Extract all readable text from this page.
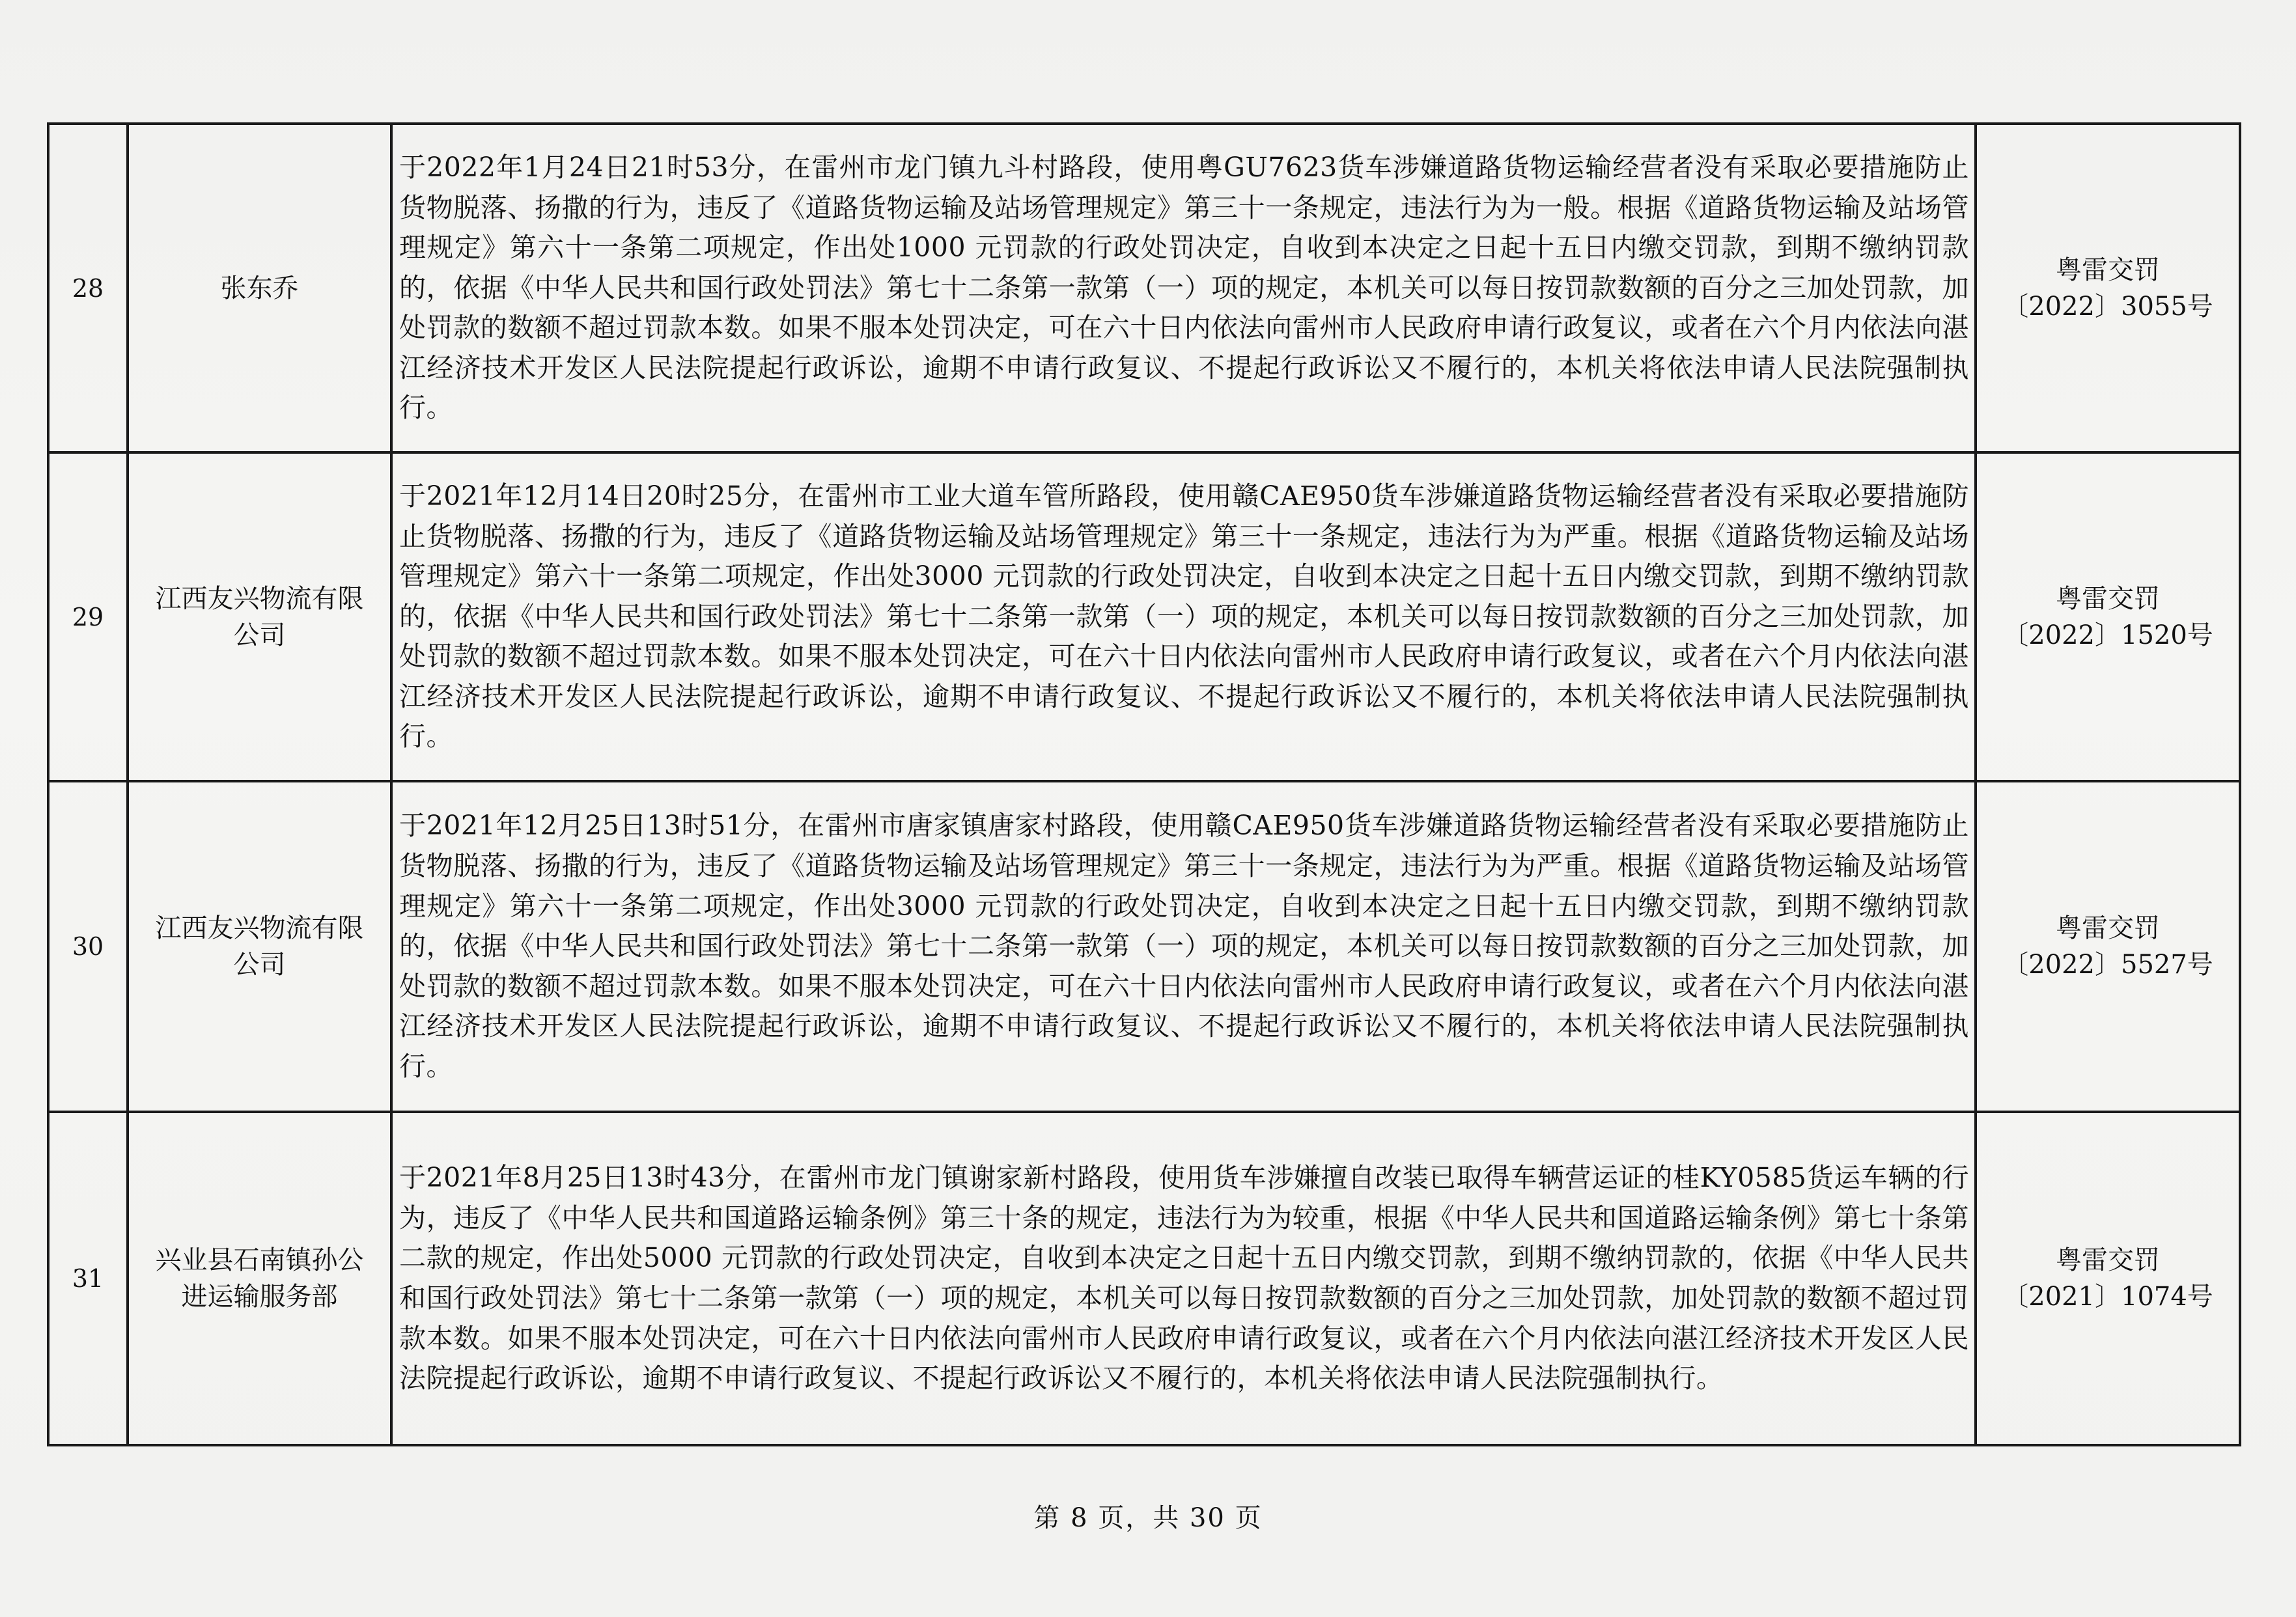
28	张东乔	于2022年1月24日21时53分，在雷州市龙门镇九斗村路段，使用粤GU7623货车涉嫌道路货物运输经营者没有采取必要措施防止货物脱落、扬撒的行为，违反了《道路货物运输及站场管理规定》第三十一条规定，违法行为为一般。根据《道路货物运输及站场管理规定》第六十一条第二项规定，作出处1000 元罚款的行政处罚决定，自收到本决定之日起十五日内缴交罚款，到期不缴纳罚款的，依据《中华人民共和国行政处罚法》第七十二条第一款第（一）项的规定，本机关可以每日按罚款数额的百分之三加处罚款，加处罚款的数额不超过罚款本数。如果不服本处罚决定，可在六十日内依法向雷州市人民政府申请行政复议，或者在六个月内依法向湛江经济技术开发区人民法院提起行政诉讼，逾期不申请行政复议、不提起行政诉讼又不履行的，本机关将依法申请人民法院强制执行。	粤雷交罚
〔2022〕3055号

29	江西友兴物流有限公司	于2021年12月14日20时25分，在雷州市工业大道车管所路段，使用赣CAE950货车涉嫌道路货物运输经营者没有采取必要措施防止货物脱落、扬撒的行为，违反了《道路货物运输及站场管理规定》第三十一条规定，违法行为为严重。根据《道路货物运输及站场管理规定》第六十一条第二项规定，作出处3000 元罚款的行政处罚决定，自收到本决定之日起十五日内缴交罚款，到期不缴纳罚款的，依据《中华人民共和国行政处罚法》第七十二条第一款第（一）项的规定，本机关可以每日按罚款数额的百分之三加处罚款，加处罚款的数额不超过罚款本数。如果不服本处罚决定，可在六十日内依法向雷州市人民政府申请行政复议，或者在六个月内依法向湛江经济技术开发区人民法院提起行政诉讼，逾期不申请行政复议、不提起行政诉讼又不履行的，本机关将依法申请人民法院强制执行。	粤雷交罚
〔2022〕1520号

30	江西友兴物流有限公司	于2021年12月25日13时51分，在雷州市唐家镇唐家村路段，使用赣CAE950货车涉嫌道路货物运输经营者没有采取必要措施防止货物脱落、扬撒的行为，违反了《道路货物运输及站场管理规定》第三十一条规定，违法行为为严重。根据《道路货物运输及站场管理规定》第六十一条第二项规定，作出处3000 元罚款的行政处罚决定，自收到本决定之日起十五日内缴交罚款，到期不缴纳罚款的，依据《中华人民共和国行政处罚法》第七十二条第一款第（一）项的规定，本机关可以每日按罚款数额的百分之三加处罚款，加处罚款的数额不超过罚款本数。如果不服本处罚决定，可在六十日内依法向雷州市人民政府申请行政复议，或者在六个月内依法向湛江经济技术开发区人民法院提起行政诉讼，逾期不申请行政复议、不提起行政诉讼又不履行的，本机关将依法申请人民法院强制执行。	粤雷交罚
〔2022〕5527号

31	兴业县石南镇孙公进运输服务部	于2021年8月25日13时43分，在雷州市龙门镇谢家新村路段，使用货车涉嫌擅自改装已取得车辆营运证的桂KY0585货运车辆的行为，违反了《中华人民共和国道路运输条例》第三十条的规定，违法行为为较重，根据《中华人民共和国道路运输条例》第七十条第二款的规定，作出处5000 元罚款的行政处罚决定，自收到本决定之日起十五日内缴交罚款，到期不缴纳罚款的，依据《中华人民共和国行政处罚法》第七十二条第一款第（一）项的规定，本机关可以每日按罚款数额的百分之三加处罚款，加处罚款的数额不超过罚款本数。如果不服本处罚决定，可在六十日内依法向雷州市人民政府申请行政复议，或者在六个月内依法向湛江经济技术开发区人民法院提起行政诉讼，逾期不申请行政复议、不提起行政诉讼又不履行的，本机关将依法申请人民法院强制执行。	粤雷交罚
〔2021〕1074号
第 8 页，共 30 页
